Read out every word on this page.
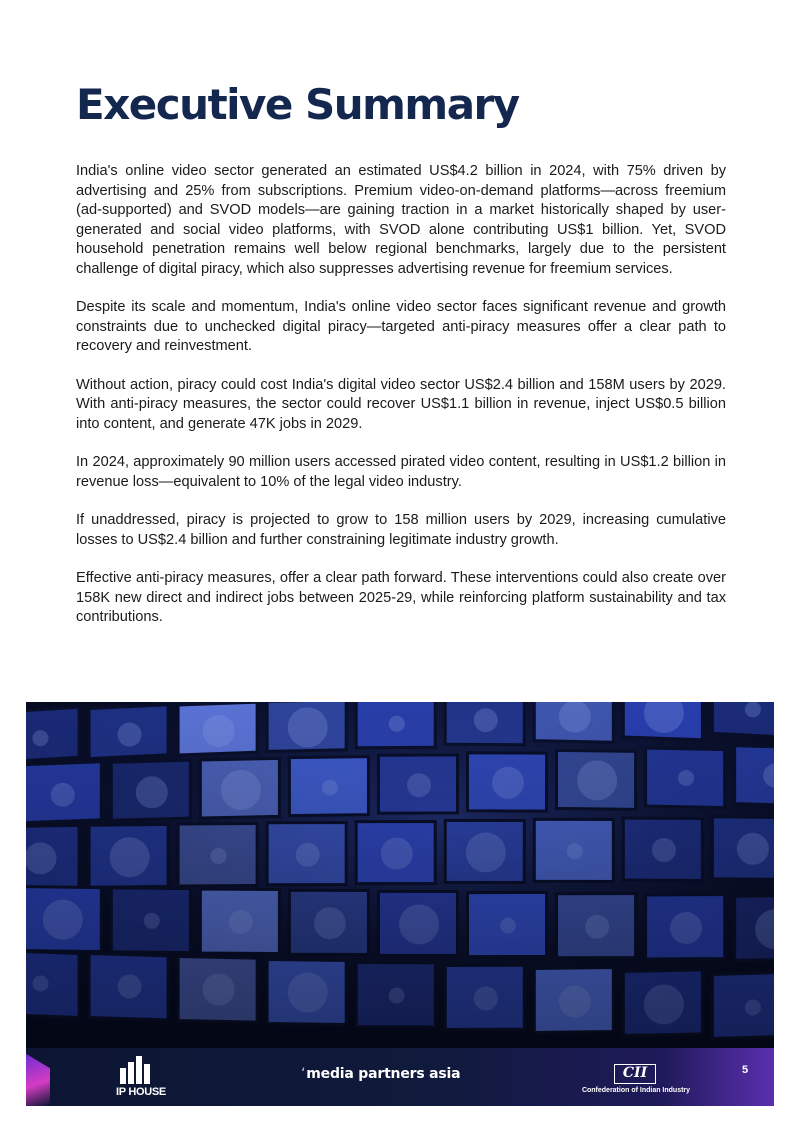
Executive Summary

India's online video sector generated an estimated US$4.2 billion in 2024, with 75% driven by advertising and 25% from subscriptions. Premium video-on-demand platforms—across freemium (ad-supported) and SVOD models—are gaining traction in a market historically shaped by user-generated and social video platforms, with SVOD alone contributing US$1 billion. Yet, SVOD household penetration remains well below regional benchmarks, largely due to the persistent challenge of digital piracy, which also suppresses advertising revenue for freemium services.

Despite its scale and momentum, India's online video sector faces significant revenue and growth constraints due to unchecked digital piracy—targeted anti-piracy measures offer a clear path to recovery and reinvestment.

Without action, piracy could cost India's digital video sector US$2.4 billion and 158M users by 2029. With anti-piracy measures, the sector could recover US$1.1 billion in revenue, inject US$0.5 billion into content, and generate 47K jobs in 2029.

In 2024, approximately 90 million users accessed pirated video content, resulting in US$1.2 billion in revenue loss—equivalent to 10% of the legal video industry.

If unaddressed, piracy is projected to grow to 158 million users by 2029, increasing cumulative losses to US$2.4 billion and further constraining legitimate industry growth.

Effective anti-piracy measures, offer a clear path forward. These interventions could also create over 158K new direct and indirect jobs between 2025-29, while reinforcing platform sustainability and tax contributions.

IP HOUSE
‘media partners asia	CII
Confederation of Indian Industry
5
